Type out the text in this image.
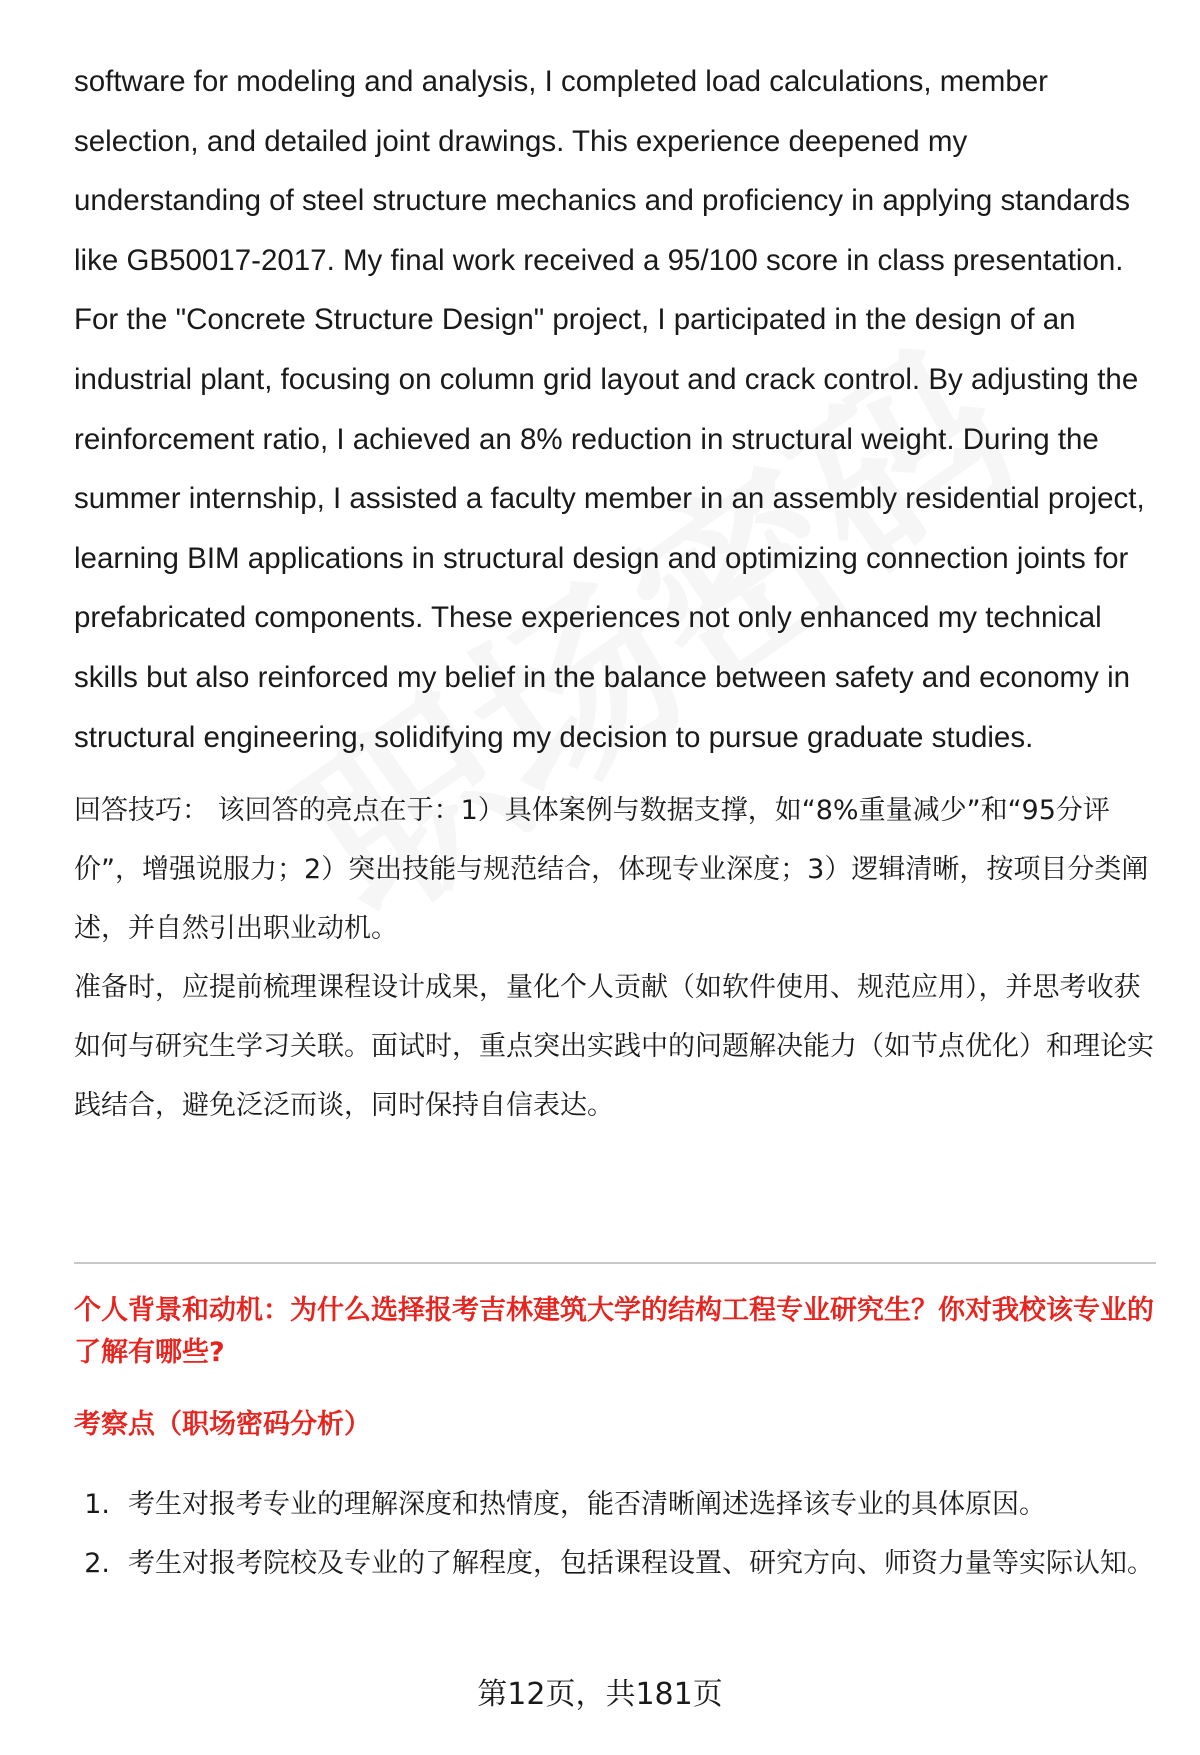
software for modeling and analysis, I completed load calculations, member selection, and detailed joint drawings. This experience deepened my understanding of steel structure mechanics and proficiency in applying standards like GB50017-2017. My final work received a 95/100 score in class presentation. For the "Concrete Structure Design" project, I participated in the design of an industrial plant, focusing on column grid layout and crack control. By adjusting the reinforcement ratio, I achieved an 8% reduction in structural weight. During the summer internship, I assisted a faculty member in an assembly residential project, learning BIM applications in structural design and optimizing connection joints for prefabricated components. These experiences not only enhanced my technical skills but also reinforced my belief in the balance between safety and economy in structural engineering, solidifying my decision to pursue graduate studies.

回答技巧： 该回答的亮点在于：1）具体案例与数据支撑，如“8%重量减少”和“95分评价”，增强说服力；2）突出技能与规范结合，体现专业深度；3）逻辑清晰，按项目分类阐述，并自然引出职业动机。

准备时，应提前梳理课程设计成果，量化个人贡献（如软件使用、规范应用），并思考收获如何与研究生学习关联。面试时，重点突出实践中的问题解决能力（如节点优化）和理论实践结合，避免泛泛而谈，同时保持自信表达。

个人背景和动机：为什么选择报考吉林建筑大学的结构工程专业研究生？你对我校该专业的了解有哪些?

考察点（职场密码分析）

1. 考生对报考专业的理解深度和热情度，能否清晰阐述选择该专业的具体原因。
2. 考生对报考院校及专业的了解程度，包括课程设置、研究方向、师资力量等实际认知。
第12页，共181页
